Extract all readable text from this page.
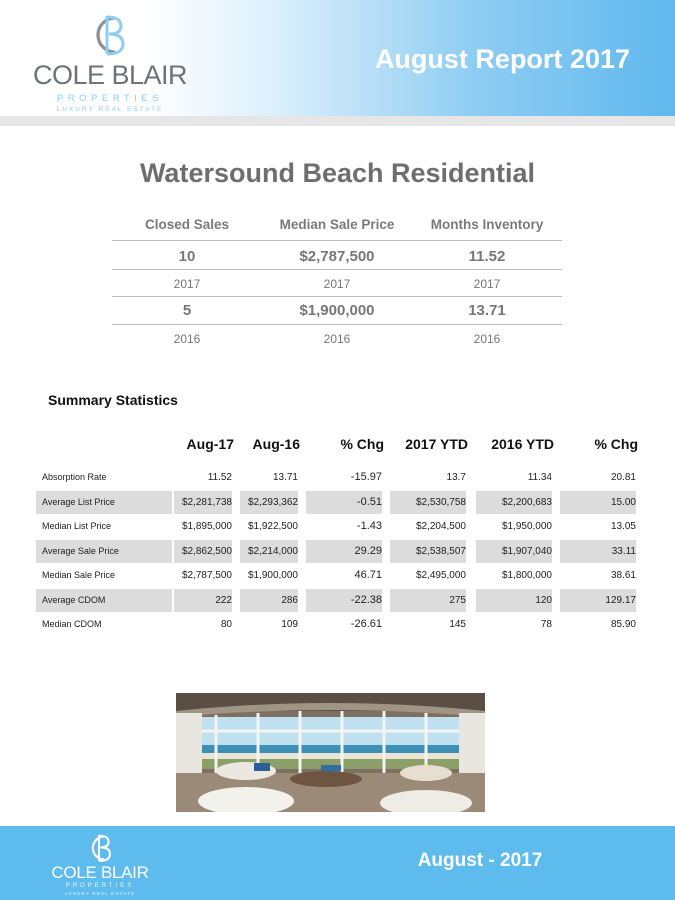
COLE BLAIR
PROPERTIES
LUXURY REAL ESTATE
August Report 2017
Watersound Beach Residential
Closed Sales	Median Sale Price	Months Inventory
10	$2,787,500	11.52
2017	2017	2017
5	$1,900,000	13.71
2016	2016	2016
Summary Statistics
Aug-17	Aug-16	% Chg	2017 YTD	2016 YTD	% Chg
Absorption Rate	11.52	13.71	-15.97	13.7	11.34	20.81
Average List Price	$2,281,738	$2,293,362	-0.51	$2,530,758	$2,200,683	15.00
Median List Price	$1,895,000	$1,922,500	-1.43	$2,204,500	$1,950,000	13.05
Average Sale Price	$2,862,500	$2,214,000	29.29	$2,538,507	$1,907,040	33.11
Median Sale Price	$2,787,500	$1,900,000	46.71	$2,495,000	$1,800,000	38.61
Average CDOM	222	286	-22.38	275	120	129.17
Median CDOM	80	109	-26.61	145	78	85.90
COLE BLAIR
PROPERTIES
LUXURY REAL ESTATE
August - 2017
